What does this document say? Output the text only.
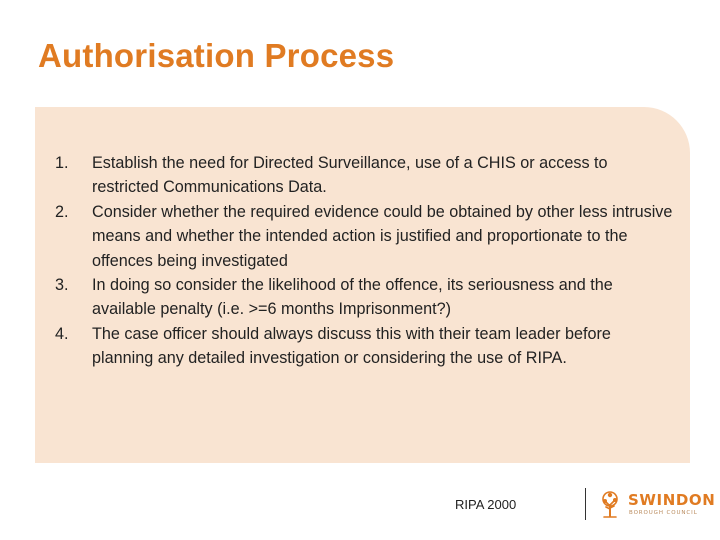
Authorisation Process
1.	Establish the need for Directed Surveillance, use of a CHIS or access to restricted Communications Data.
2.	Consider whether the required evidence could be obtained by other less intrusive means and whether the intended action is justified and proportionate to the offences being investigated
3.	In doing so consider the likelihood of the offence, its seriousness and the available penalty (i.e. >=6 months Imprisonment?)
4.	The case officer should always discuss this with their team leader before planning any detailed investigation or considering the use of RIPA.
RIPA 2000	SWINDON
BOROUGH COUNCIL
